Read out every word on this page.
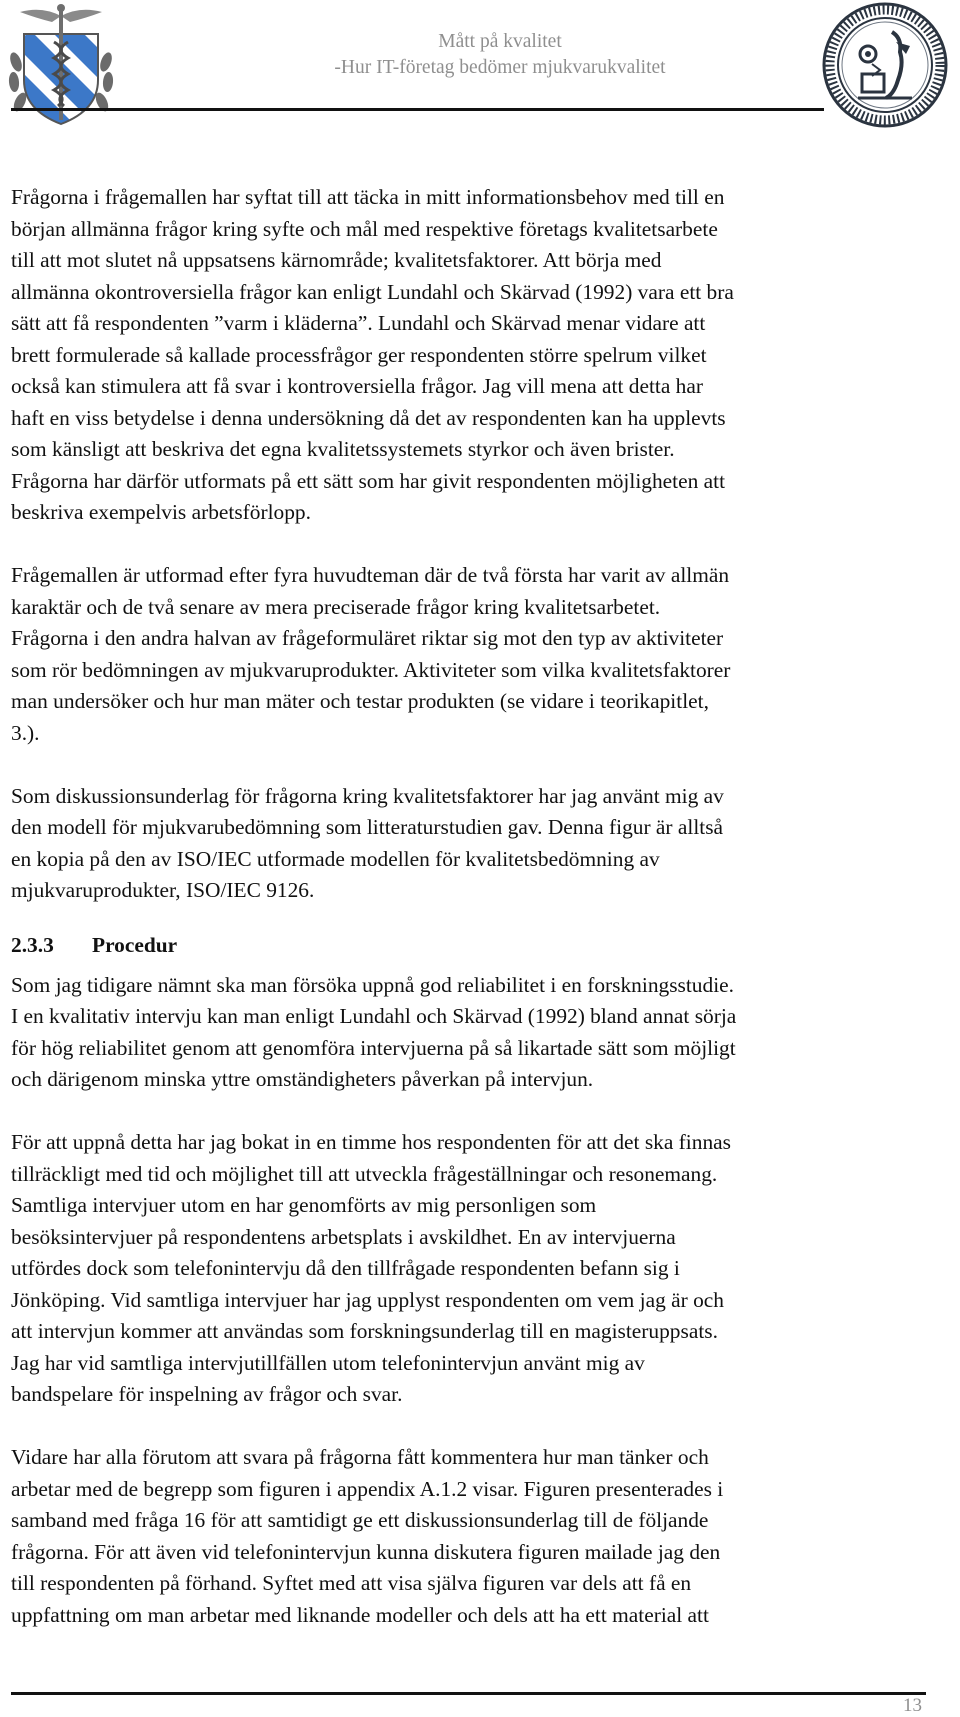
Mått på kvalitet
-Hur IT-företag bedömer mjukvarukvalitet
Frågorna i frågemallen har syftat till att täcka in mitt informationsbehov med till en
början allmänna frågor kring syfte och mål med respektive företags kvalitetsarbete
till att mot slutet nå uppsatsens kärnområde; kvalitetsfaktorer. Att börja med
allmänna okontroversiella frågor kan enligt Lundahl och Skärvad (1992) vara ett bra
sätt att få respondenten ”varm i kläderna”. Lundahl och Skärvad menar vidare att
brett formulerade så kallade processfrågor ger respondenten större spelrum vilket
också kan stimulera att få svar i kontroversiella frågor. Jag vill mena att detta har
haft en viss betydelse i denna undersökning då det av respondenten kan ha upplevts
som känsligt att beskriva det egna kvalitetssystemets styrkor och även brister.
Frågorna har därför utformats på ett sätt som har givit respondenten möjligheten att
beskriva exempelvis arbetsförlopp.
Frågemallen är utformad efter fyra huvudteman där de två första har varit av allmän
karaktär och de två senare av mera preciserade frågor kring kvalitetsarbetet.
Frågorna i den andra halvan av frågeformuläret riktar sig mot den typ av aktiviteter
som rör bedömningen av mjukvaruprodukter. Aktiviteter som vilka kvalitetsfaktorer
man undersöker och hur man mäter och testar produkten (se vidare i teorikapitlet,
3.).
Som diskussionsunderlag för frågorna kring kvalitetsfaktorer har jag använt mig av
den modell för mjukvarubedömning som litteraturstudien gav. Denna figur är alltså
en kopia på den av ISO/IEC utformade modellen för kvalitetsbedömning av
mjukvaruprodukter, ISO/IEC 9126.
2.3.3 Procedur
Som jag tidigare nämnt ska man försöka uppnå god reliabilitet i en forskningsstudie.
I en kvalitativ intervju kan man enligt Lundahl och Skärvad (1992) bland annat sörja
för hög reliabilitet genom att genomföra intervjuerna på så likartade sätt som möjligt
och därigenom minska yttre omständigheters påverkan på intervjun.
För att uppnå detta har jag bokat in en timme hos respondenten för att det ska finnas
tillräckligt med tid och möjlighet till att utveckla frågeställningar och resonemang.
Samtliga intervjuer utom en har genomförts av mig personligen som
besöksintervjuer på respondentens arbetsplats i avskildhet. En av intervjuerna
utfördes dock som telefonintervju då den tillfrågade respondenten befann sig i
Jönköping. Vid samtliga intervjuer har jag upplyst respondenten om vem jag är och
att intervjun kommer att användas som forskningsunderlag till en magisteruppsats.
Jag har vid samtliga intervjutillfällen utom telefonintervjun använt mig av
bandspelare för inspelning av frågor och svar.
Vidare har alla förutom att svara på frågorna fått kommentera hur man tänker och
arbetar med de begrepp som figuren i appendix A.1.2 visar. Figuren presenterades i
samband med fråga 16 för att samtidigt ge ett diskussionsunderlag till de följande
frågorna. För att även vid telefonintervjun kunna diskutera figuren mailade jag den
till respondenten på förhand. Syftet med att visa själva figuren var dels att få en
uppfattning om man arbetar med liknande modeller och dels att ha ett material att
13
